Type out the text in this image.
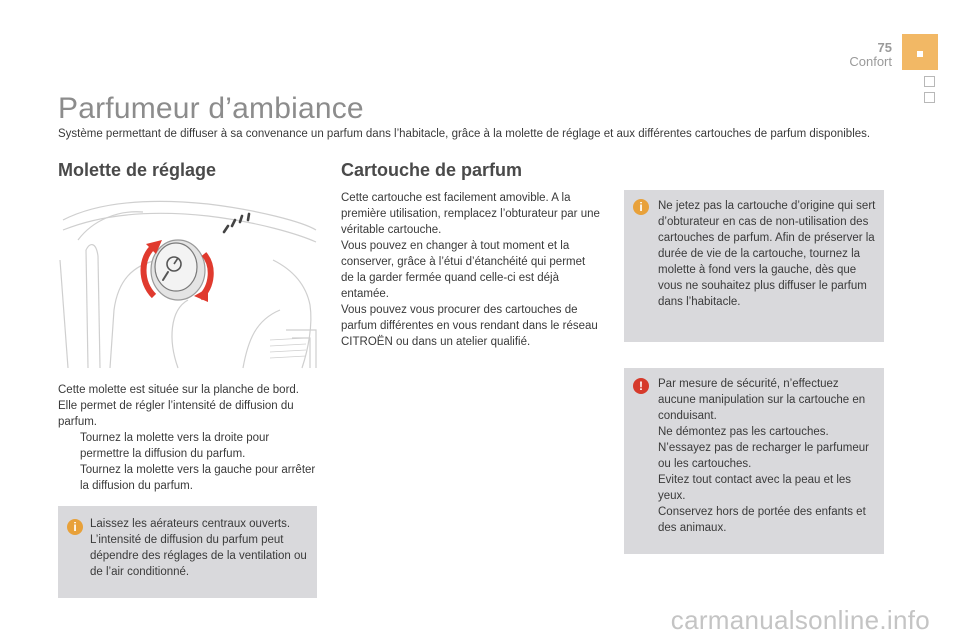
75
Confort
Parfumeur d’ambiance
Système permettant de diffuser à sa convenance un parfum dans l’habitacle, grâce à la molette de réglage et aux différentes cartouches de parfum disponibles.
Molette de réglage
Cette molette est située sur la planche de bord. Elle permet de régler l’intensité de diffusion du parfum.
Tournez la molette vers la droite pour permettre la diffusion du parfum.
Tournez la molette vers la gauche pour arrêter la diffusion du parfum.
i	Laissez les aérateurs centraux ouverts. L’intensité de diffusion du parfum peut dépendre des réglages de la ventilation ou de l’air conditionné.
Cartouche de parfum
Cette cartouche est facilement amovible. A la première utilisation, remplacez l’obturateur par une véritable cartouche.
Vous pouvez en changer à tout moment et la conserver, grâce à l’étui d’étanchéité qui permet de la garder fermée quand celle-ci est déjà entamée.
Vous pouvez vous procurer des cartouches de parfum différentes en vous rendant dans le réseau CITROËN ou dans un atelier qualifié.
i	Ne jetez pas la cartouche d’origine qui sert d’obturateur en cas de non-utilisation des cartouches de parfum. Afin de préserver la durée de vie de la cartouche, tournez la molette à fond vers la gauche, dès que vous ne souhaitez plus diffuser le parfum dans l’habitacle.
!	Par mesure de sécurité, n’effectuez aucune manipulation sur la cartouche en conduisant.
Ne démontez pas les cartouches.
N’essayez pas de recharger le parfumeur ou les cartouches.
Evitez tout contact avec la peau et les yeux.
Conservez hors de portée des enfants et des animaux.
carmanualsonline.info
